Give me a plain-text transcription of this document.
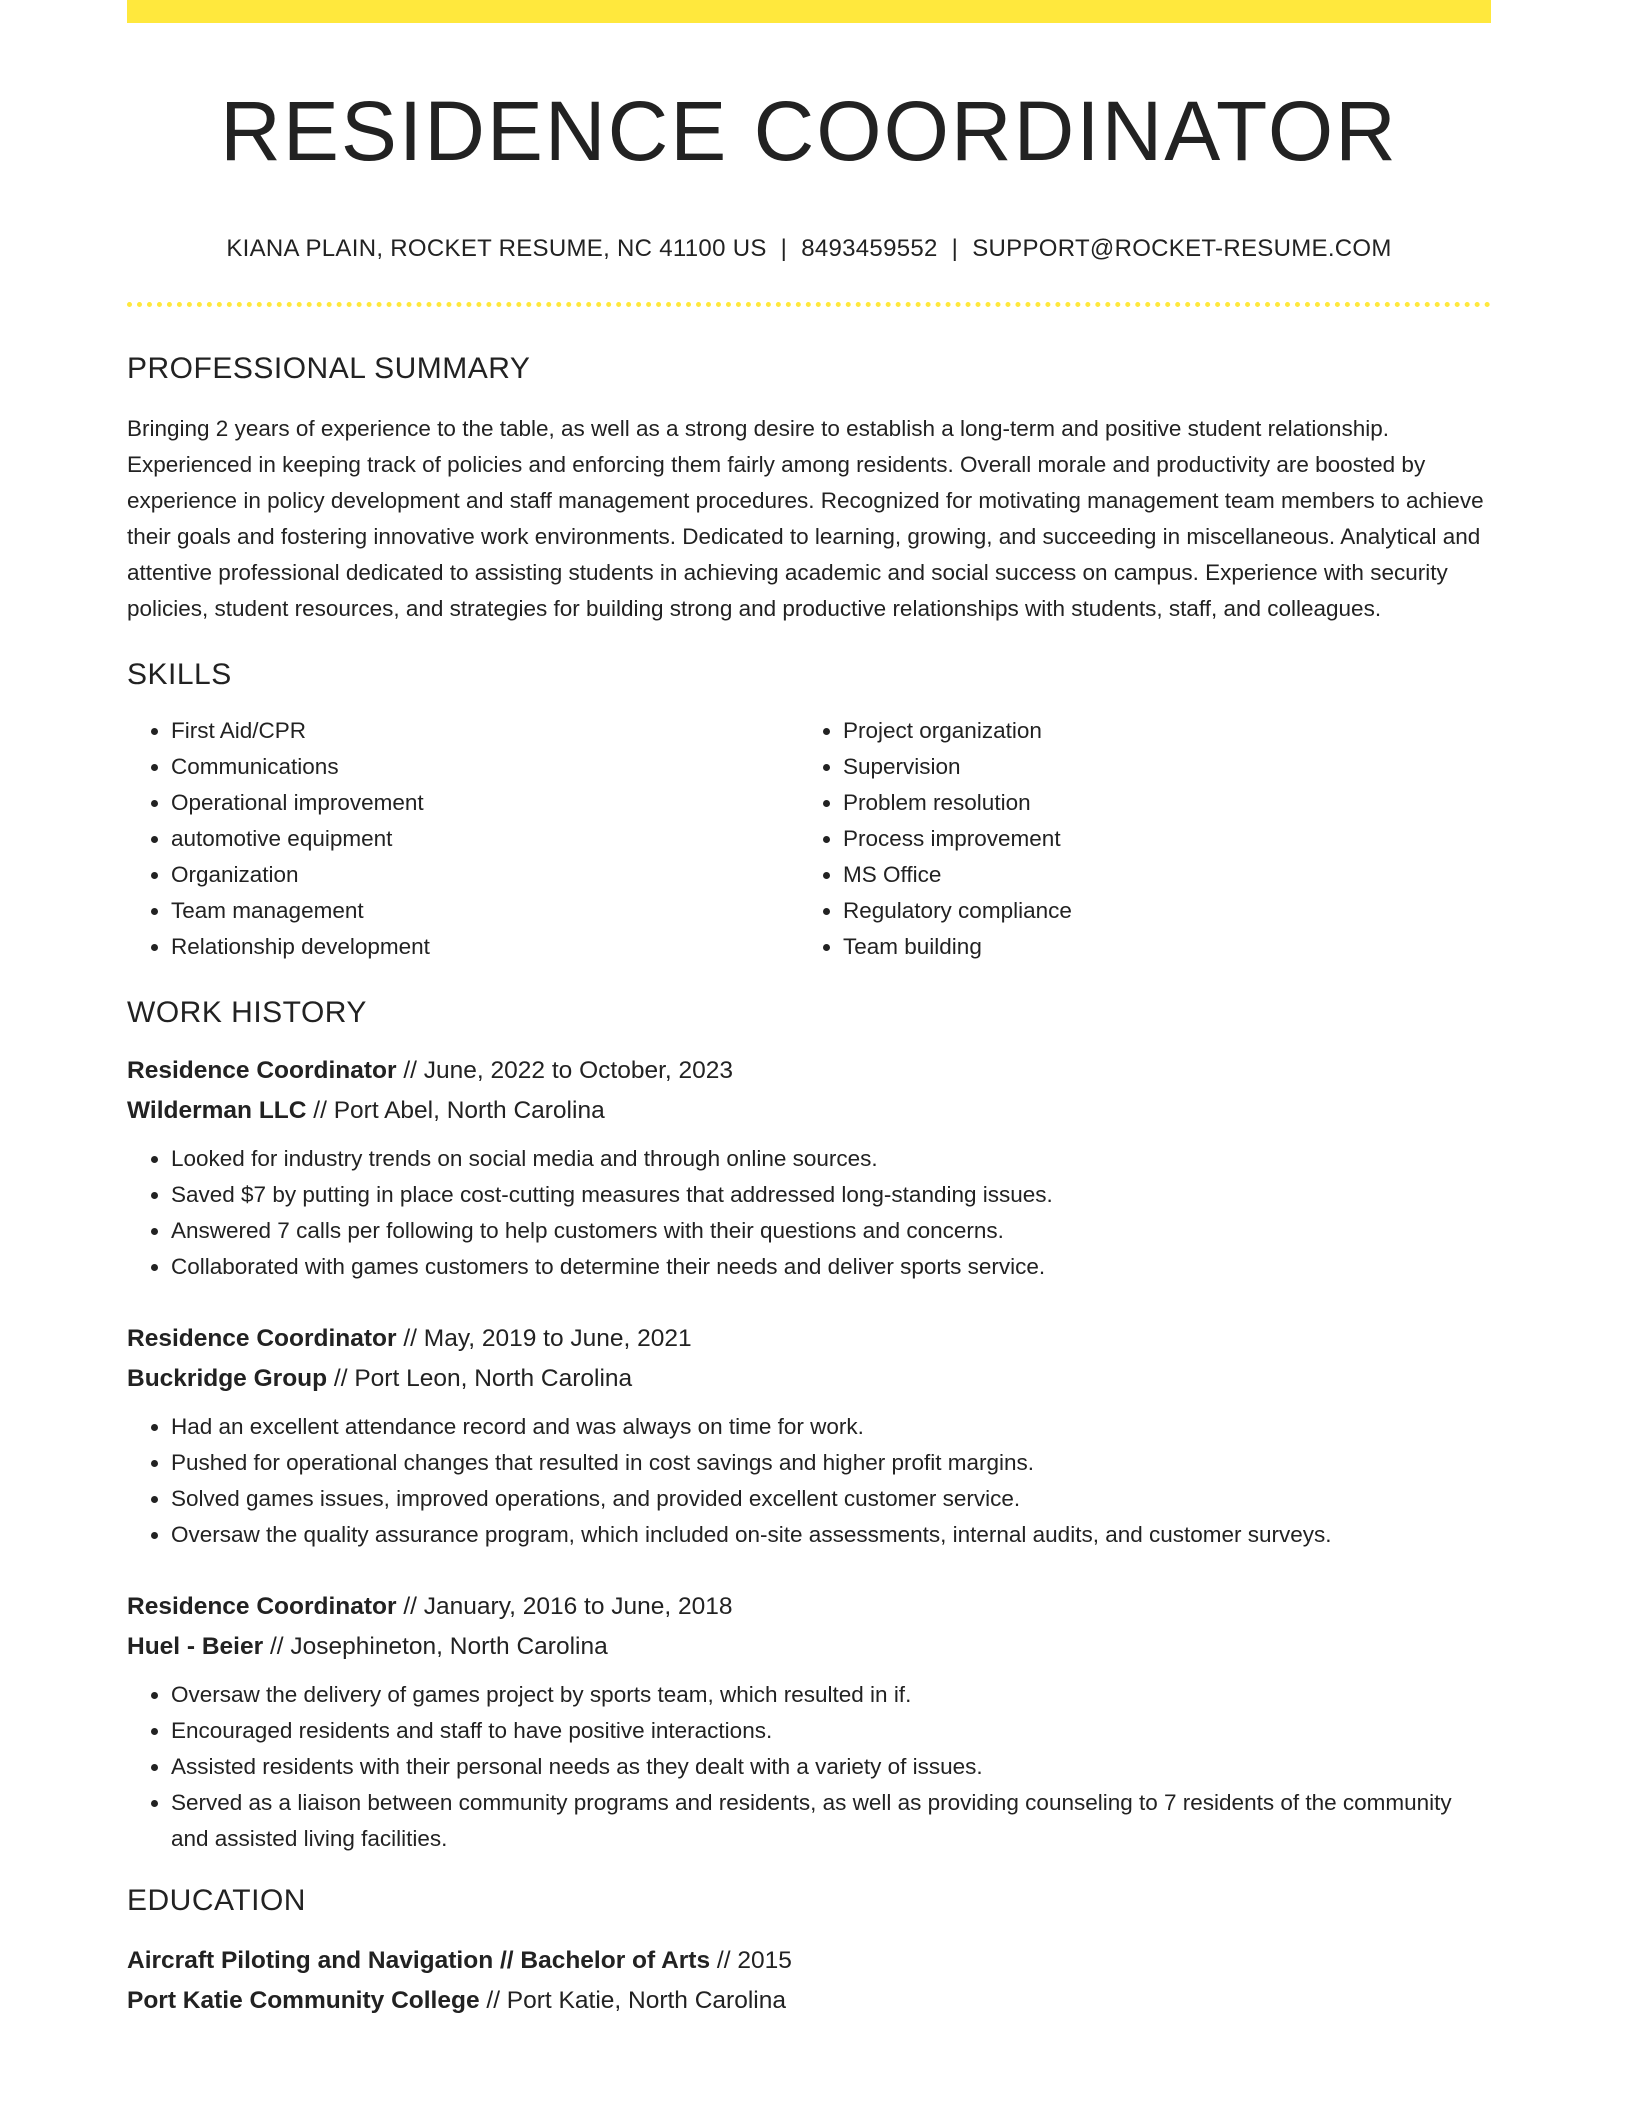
RESIDENCE COORDINATOR
KIANA PLAIN, ROCKET RESUME, NC 41100 US | 8493459552 | SUPPORT@ROCKET-RESUME.COM
PROFESSIONAL SUMMARY

Bringing 2 years of experience to the table, as well as a strong desire to establish a long-term and positive student relationship. Experienced in keeping track of policies and enforcing them fairly among residents. Overall morale and productivity are boosted by experience in policy development and staff management procedures. Recognized for motivating management team members to achieve their goals and fostering innovative work environments. Dedicated to learning, growing, and succeeding in miscellaneous. Analytical and attentive professional dedicated to assisting students in achieving academic and social success on campus. Experience with security policies, student resources, and strategies for building strong and productive relationships with students, staff, and colleagues.

SKILLS
• First Aid/CPR
• Communications
• Operational improvement
• automotive equipment
• Organization
• Team management
• Relationship development
• Project organization
• Supervision
• Problem resolution
• Process improvement
• MS Office
• Regulatory compliance
• Team building
WORK HISTORY
Residence Coordinator // June, 2022 to October, 2023
Wilderman LLC // Port Abel, North Carolina
• Looked for industry trends on social media and through online sources.
• Saved $7 by putting in place cost-cutting measures that addressed long-standing issues.
• Answered 7 calls per following to help customers with their questions and concerns.
• Collaborated with games customers to determine their needs and deliver sports service.
Residence Coordinator // May, 2019 to June, 2021
Buckridge Group // Port Leon, North Carolina
• Had an excellent attendance record and was always on time for work.
• Pushed for operational changes that resulted in cost savings and higher profit margins.
• Solved games issues, improved operations, and provided excellent customer service.
• Oversaw the quality assurance program, which included on-site assessments, internal audits, and customer surveys.
Residence Coordinator // January, 2016 to June, 2018
Huel - Beier // Josephineton, North Carolina
• Oversaw the delivery of games project by sports team, which resulted in if.
• Encouraged residents and staff to have positive interactions.
• Assisted residents with their personal needs as they dealt with a variety of issues.
• Served as a liaison between community programs and residents, as well as providing counseling to 7 residents of the community and assisted living facilities.
EDUCATION
Aircraft Piloting and Navigation // Bachelor of Arts // 2015
Port Katie Community College // Port Katie, North Carolina
